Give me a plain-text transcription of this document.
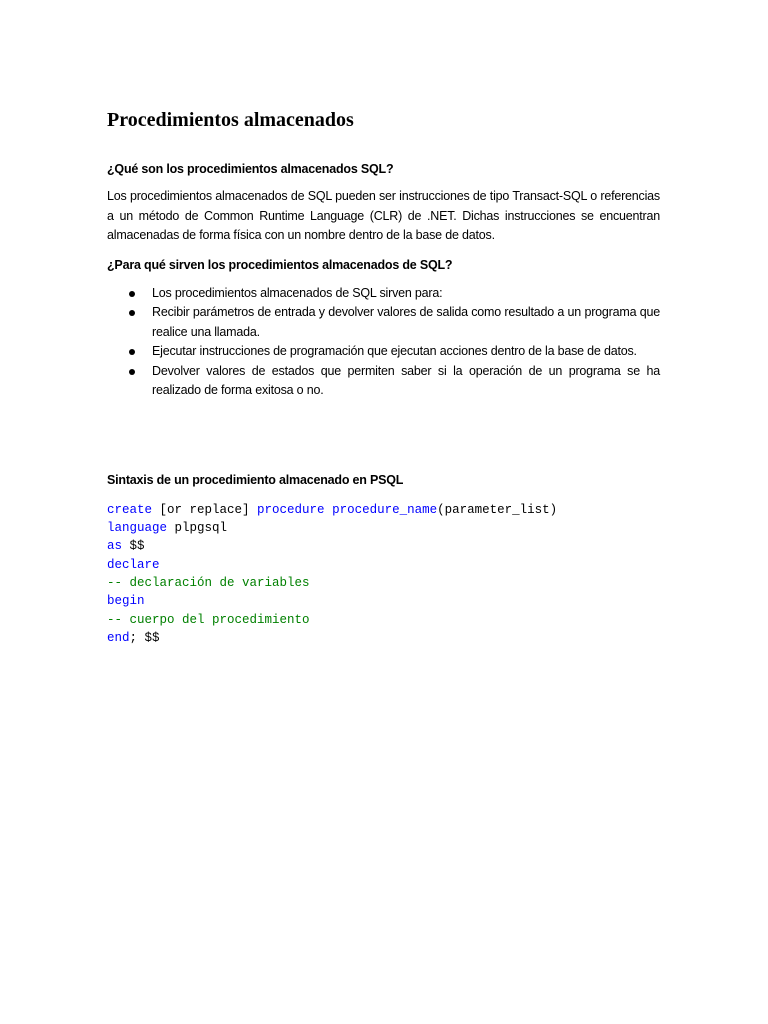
Procedimientos almacenados
¿Qué son los procedimientos almacenados SQL?

Los procedimientos almacenados de SQL pueden ser instrucciones de tipo Transact-SQL o referencias a un método de Common Runtime Language (CLR) de .NET. Dichas instrucciones se encuentran almacenadas de forma física con un nombre dentro de la base de datos.

¿Para qué sirven los procedimientos almacenados de SQL?
Los procedimientos almacenados de SQL sirven para:
Recibir parámetros de entrada y devolver valores de salida como resultado a un programa que realice una llamada.
Ejecutar instrucciones de programación que ejecutan acciones dentro de la base de datos.
Devolver valores de estados que permiten saber si la operación de un programa se ha realizado de forma exitosa o no.
Sintaxis de un procedimiento almacenado en PSQL
create [or replace] procedure procedure_name(parameter_list)
language plpgsql
as $$
declare
-- declaración de variables
begin
-- cuerpo del procedimiento
end; $$
